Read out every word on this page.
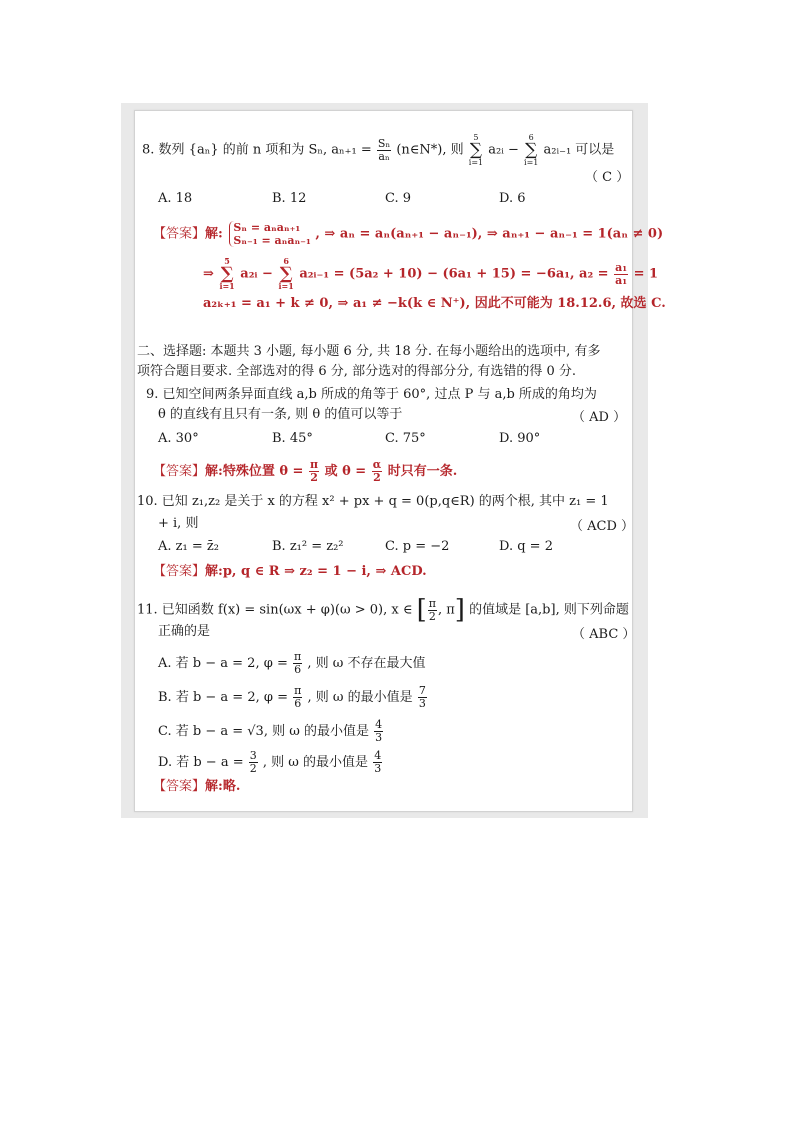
8. 数列 {aₙ} 的前 n 项和为 Sₙ, $a_{n+1} = \frac{\text{Sₙ}}{\text{aₙ}}$ (n∈N*), 则 5
∑
i=1 a₂ᵢ − 6
∑
i=1 a₂ᵢ₋₁ 可以是
（ C ）
A. 18	B. 12	C. 9	D. 6
【答案】解: Sₙ = aₙaₙ₊₁
Sₙ₋₁ = aₙaₙ₋₁ , ⇒ aₙ = aₙ(aₙ₊₁ − aₙ₋₁), ⇒ aₙ₊₁ − aₙ₋₁ = 1(aₙ ≠ 0)
⇒ 5
∑
i=1 a₂ᵢ − 6
∑
i=1 a₂ᵢ₋₁ = (5a₂ + 10) − (6a₁ + 15) = −6a₁, $a_2 = \frac{\text{a₁}}{\text{a₁}} = 1$
a₂ₖ₊₁ = a₁ + k ≠ 0, ⇒ a₁ ≠ −k(k ∈ N⁺), 因此不可能为 18.12.6, 故选 C.
二、选择题: 本题共 3 小题, 每小题 6 分, 共 18 分. 在每小题给出的选项中, 有多
项符合题目要求. 全部选对的得 6 分, 部分选对的得部分分, 有选错的得 0 分.
9. 已知空间两条异面直线 a,b 所成的角等于 60°, 过点 P 与 a,b 所成的角均为
θ 的直线有且只有一条, 则 θ 的值可以等于	（ AD ）
A. 30°	B. 45°	C. 75°	D. 90°
【答案】解:特殊位置 $\theta = \frac{\pi}{2}$ 或 $\theta = \frac{\alpha}{2}$ 时只有一条.
10. 已知 z₁,z₂ 是关于 x 的方程 x² + px + q = 0(p,q∈R) 的两个根, 其中 z₁ = 1
+ i, 则	（ ACD ）
A. z₁ = z̄₂	B. z₁² = z₂²	C. p = −2	D. q = 2
【答案】解:p, q ∈ R ⇒ z₂ = 1 − i, ⇒ ACD.
11. 已知函数 f(x) = sin(ωx + φ)(ω > 0), x ∈ [ $\frac{\pi}{2}$ , π] 的值域是 [a,b], 则下列命题
正确的是	（ ABC ）
A. 若 b − a = 2, $\varphi = \frac{\pi}{6}$ , 则 ω 不存在最大值
B. 若 b − a = 2, $\varphi = \frac{\pi}{6}$ , 则 ω 的最小值是 $\frac{7}{3}$
C. 若 b − a = √3, 则 ω 的最小值是 $\frac{4}{3}$
D. 若 $b - a = \frac{3}{2}$ , 则 ω 的最小值是 $\frac{4}{3}$
【答案】解:略.
